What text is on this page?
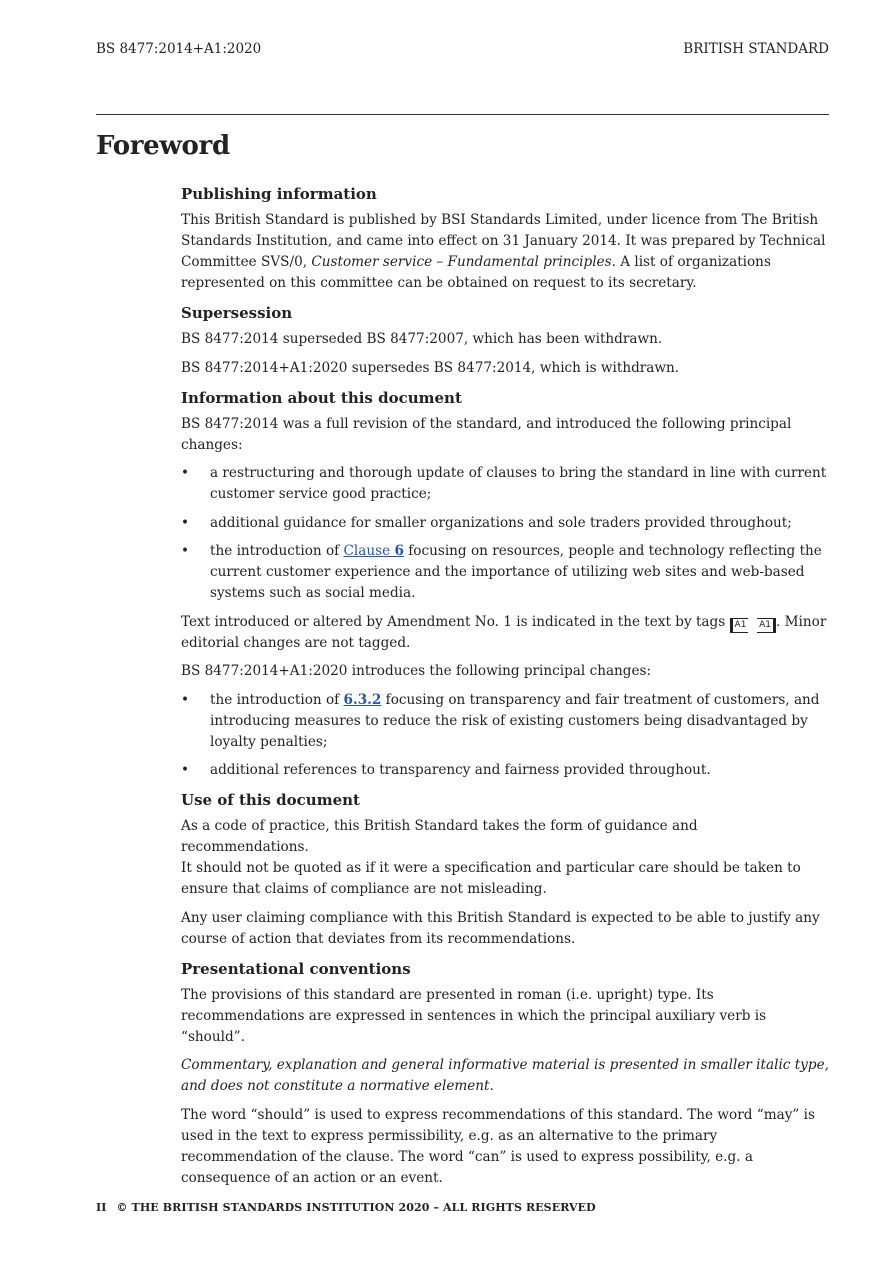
BS 8477:2014+A1:2020	BRITISH STANDARD
Foreword
Publishing information

This British Standard is published by BSI Standards Limited, under licence from The British Standards Institution, and came into effect on 31 January 2014. It was prepared by Technical Committee SVS/0, Customer service – Fundamental principles. A list of organizations represented on this committee can be obtained on request to its secretary.

Supersession

BS 8477:2014 superseded BS 8477:2007, which has been withdrawn.

BS 8477:2014+A1:2020 supersedes BS 8477:2014, which is withdrawn.

Information about this document

BS 8477:2014 was a full revision of the standard, and introduced the following principal changes:

• a restructuring and thorough update of clauses to bring the standard in line with current customer service good practice;
• additional guidance for smaller organizations and sole traders provided throughout;
• the introduction of Clause 6 focusing on resources, people and technology reflecting the current customer experience and the importance of utilizing web sites and web-based systems such as social media.

Text introduced or altered by Amendment No. 1 is indicated in the text by tags A1 A1 . Minor editorial changes are not tagged.

BS 8477:2014+A1:2020 introduces the following principal changes:

• the introduction of 6.3.2 focusing on transparency and fair treatment of customers, and introducing measures to reduce the risk of existing customers being disadvantaged by loyalty penalties;
• additional references to transparency and fairness provided throughout.
Use of this document

As a code of practice, this British Standard takes the form of guidance and recommendations.
It should not be quoted as if it were a specification and particular care should be taken to ensure that claims of compliance are not misleading.

Any user claiming compliance with this British Standard is expected to be able to justify any course of action that deviates from its recommendations.

Presentational conventions

The provisions of this standard are presented in roman (i.e. upright) type. Its recommendations are expressed in sentences in which the principal auxiliary verb is “should”.

Commentary, explanation and general informative material is presented in smaller italic type, and does not constitute a normative element.

The word “should” is used to express recommendations of this standard. The word “may” is used in the text to express permissibility, e.g. as an alternative to the primary recommendation of the clause. The word “can” is used to express possibility, e.g. a consequence of an action or an event.

II © THE BRITISH STANDARDS INSTITUTION 2020 – ALL RIGHTS RESERVED
